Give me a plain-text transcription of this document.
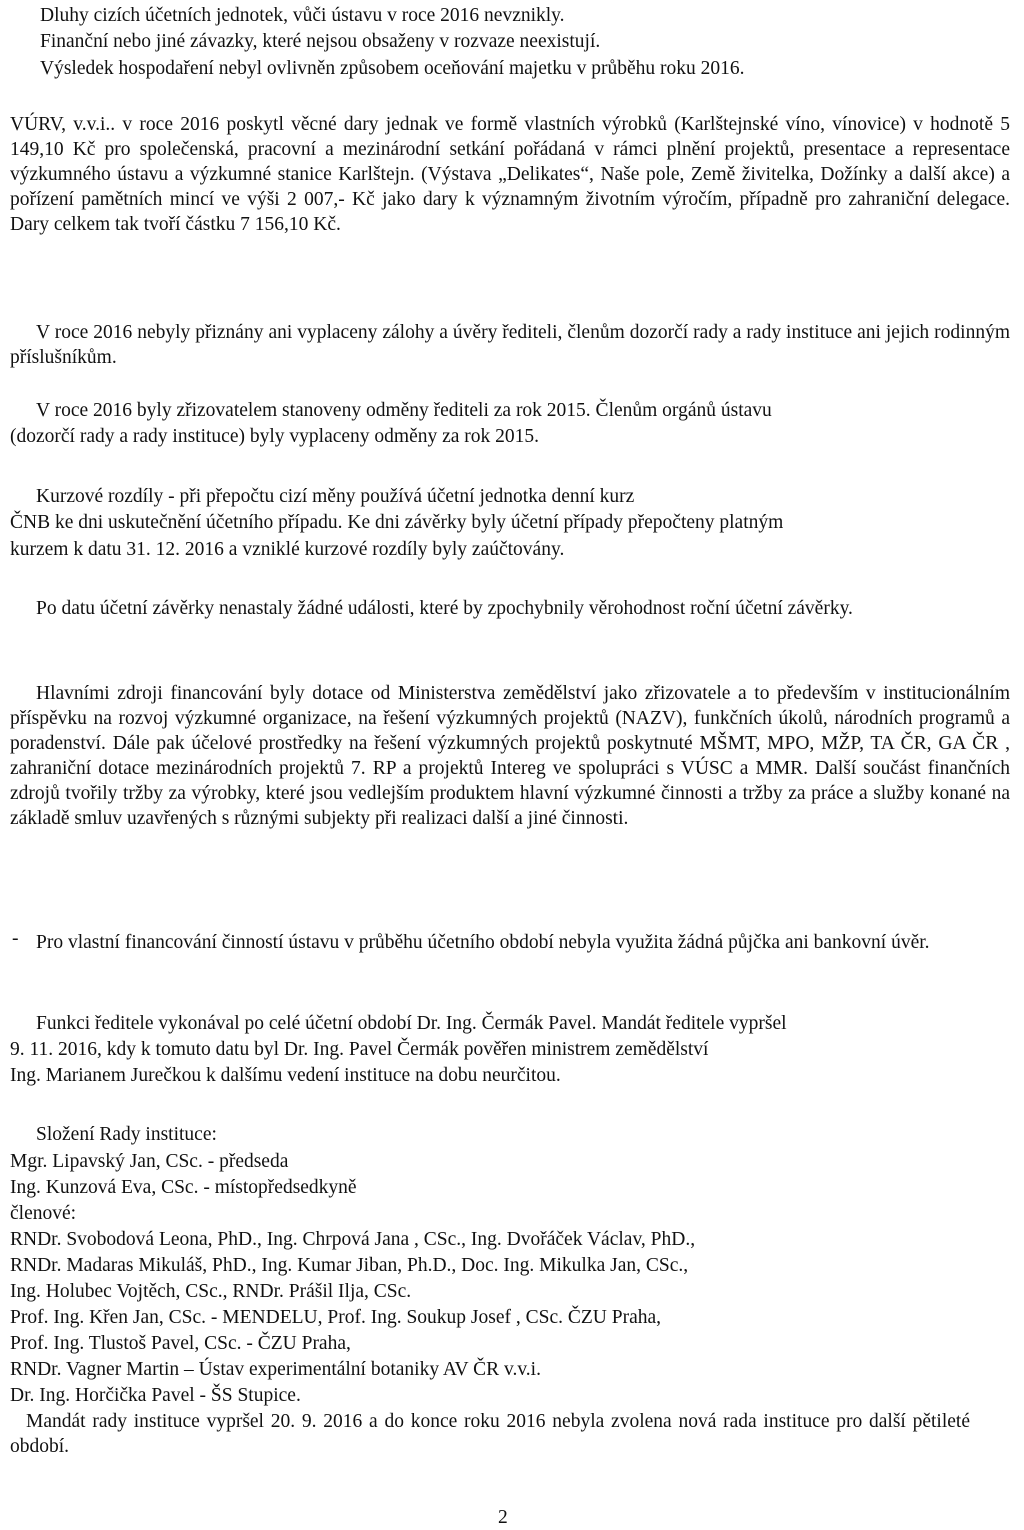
Dluhy cizích účetních jednotek, vůči ústavu v roce 2016 nevznikly.

Finanční nebo jiné závazky, které nejsou obsaženy v rozvaze neexistují.

Výsledek hospodaření nebyl ovlivněn způsobem oceňování majetku v průběhu roku 2016.

VÚRV, v.v.i.. v roce 2016 poskytl věcné dary jednak ve formě vlastních výrobků (Karlštejnské víno, vínovice) v hodnotě 5 149,10 Kč pro společenská, pracovní a mezinárodní setkání pořádaná v rámci plnění projektů, presentace a representace výzkumného ústavu a výzkumné stanice Karlštejn. (Výstava „Delikates“, Naše pole, Země živitelka, Dožínky a další akce) a pořízení pamětních mincí ve výši 2 007,- Kč jako dary k významným životním výročím, případně pro zahraniční delegace. Dary celkem tak tvoří částku 7 156,10 Kč.

V roce 2016 nebyly přiznány ani vyplaceny zálohy a úvěry řediteli, členům dozorčí rady a rady instituce ani jejich rodinným příslušníkům.

V roce 2016 byly zřizovatelem stanoveny odměny řediteli za rok 2015. Členům orgánů ústavu

(dozorčí rady a rady instituce) byly vyplaceny odměny za rok 2015.

Kurzové rozdíly - při přepočtu cizí měny používá účetní jednotka denní kurz

ČNB ke dni uskutečnění účetního případu. Ke dni závěrky byly účetní případy přepočteny platným

kurzem k datu 31. 12. 2016 a vzniklé kurzové rozdíly byly zaúčtovány.

Po datu účetní závěrky nenastaly žádné události, které by zpochybnily věrohodnost roční účetní závěrky.

Hlavními zdroji financování byly dotace od Ministerstva zemědělství jako zřizovatele a to především v institucionálním příspěvku na rozvoj výzkumné organizace, na řešení výzkumných projektů (NAZV), funkčních úkolů, národních programů a poradenství. Dále pak účelové prostředky na řešení výzkumných projektů poskytnuté MŠMT, MPO, MŽP, TA ČR, GA ČR , zahraniční dotace mezinárodních projektů 7. RP a projektů Intereg ve spolupráci s VÚSC a MMR. Další součást finančních zdrojů tvořily tržby za výrobky, které jsou vedlejším produktem hlavní výzkumné činnosti a tržby za práce a služby konané na základě smluv uzavřených s různými subjekty při realizaci další a jiné činnosti.

- Pro vlastní financování činností ústavu v průběhu účetního období nebyla využita žádná půjčka ani bankovní úvěr.

Funkci ředitele vykonával po celé účetní období Dr. Ing. Čermák Pavel. Mandát ředitele vypršel

9. 11. 2016, kdy k tomuto datu byl Dr. Ing. Pavel Čermák pověřen ministrem zemědělství

Ing. Marianem Jurečkou k dalšímu vedení instituce na dobu neurčitou.

Složení Rady instituce:

Mgr. Lipavský Jan, CSc. - předseda

Ing. Kunzová Eva, CSc. - místopředsedkyně

členové:

RNDr. Svobodová Leona, PhD., Ing. Chrpová Jana , CSc., Ing. Dvořáček Václav, PhD.,

RNDr. Madaras Mikuláš, PhD., Ing. Kumar Jiban, Ph.D., Doc. Ing. Mikulka Jan, CSc.,

Ing. Holubec Vojtěch, CSc., RNDr. Prášil Ilja, CSc.

Prof. Ing. Křen Jan, CSc. - MENDELU, Prof. Ing. Soukup Josef , CSc. ČZU Praha,

Prof. Ing. Tlustoš Pavel, CSc. - ČZU Praha,

RNDr. Vagner Martin – Ústav experimentální botaniky AV ČR v.v.i.

Dr. Ing. Horčička Pavel - ŠS Stupice.

Mandát rady instituce vypršel 20. 9. 2016 a do konce roku 2016 nebyla zvolena nová rada instituce pro další pětileté období.

2
